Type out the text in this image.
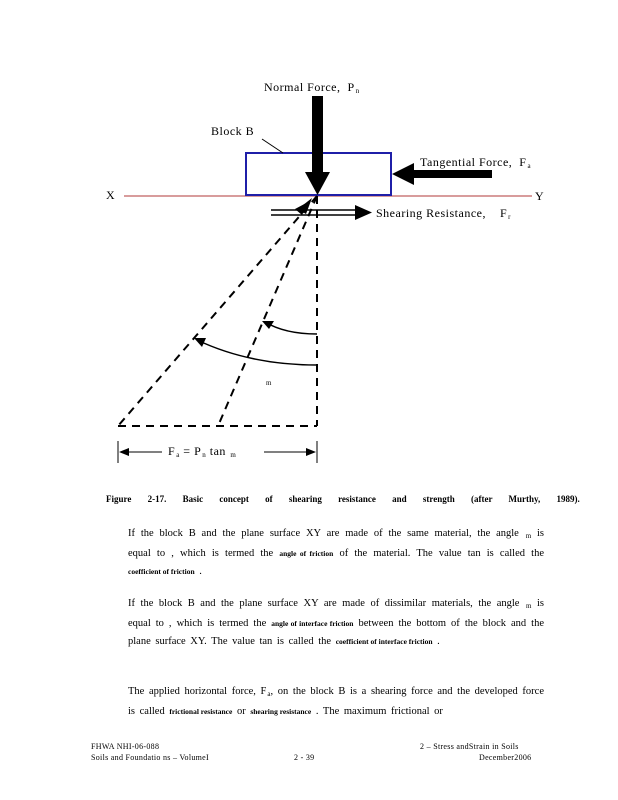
Normal Force, $P_n$
Block B
Tangential Force, $F_a$
X	Y
Shearing Resistance, $F_r$
$_m$
$F_a = P_n$ tan $_m$
Figure 2-17. Basic concept of shearing resistance and strength (after Murthy, 1989).
If the block B and the plane surface XY are made of the same material, the angle $_m$ is equal to , which is termed the angle of friction of the material. The value tan is called the coefficient of friction .
If the block B and the plane surface XY are made of dissimilar materials, the angle $_m$ is equal to , which is termed the angle of interface friction between the bottom of the block and the plane surface XY. The value tan is called the coefficient of interface friction .
The applied horizontal force, $F_a$, on the block B is a shearing force and the developed force is called frictional resistance or shearing resistance . The maximum frictional or
FHWA NHI-06-088
Soils and Foundatio ns – VolumeI	2 - 39
2 – Stress andStrain in Soils
December2006
